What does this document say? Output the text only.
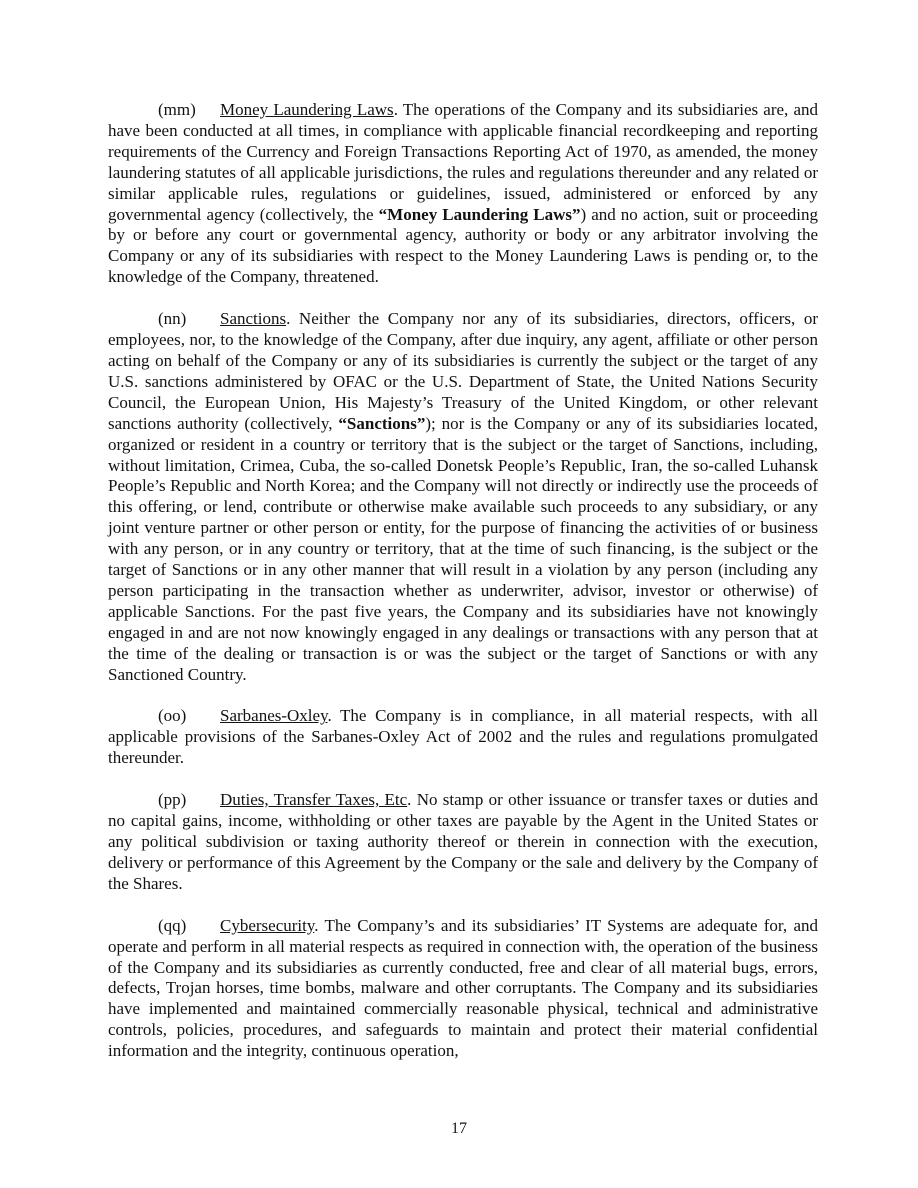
(mm) Money Laundering Laws. The operations of the Company and its subsidiaries are, and have been conducted at all times, in compliance with applicable financial recordkeeping and reporting requirements of the Currency and Foreign Transactions Reporting Act of 1970, as amended, the money laundering statutes of all applicable jurisdictions, the rules and regulations thereunder and any related or similar applicable rules, regulations or guidelines, issued, administered or enforced by any governmental agency (collectively, the “Money Laundering Laws”) and no action, suit or proceeding by or before any court or governmental agency, authority or body or any arbitrator involving the Company or any of its subsidiaries with respect to the Money Laundering Laws is pending or, to the knowledge of the Company, threatened.

(nn) Sanctions. Neither the Company nor any of its subsidiaries, directors, officers, or employees, nor, to the knowledge of the Company, after due inquiry, any agent, affiliate or other person acting on behalf of the Company or any of its subsidiaries is currently the subject or the target of any U.S. sanctions administered by OFAC or the U.S. Department of State, the United Nations Security Council, the European Union, His Majesty’s Treasury of the United Kingdom, or other relevant sanctions authority (collectively, “Sanctions”); nor is the Company or any of its subsidiaries located, organized or resident in a country or territory that is the subject or the target of Sanctions, including, without limitation, Crimea, Cuba, the so-called Donetsk People’s Republic, Iran, the so-called Luhansk People’s Republic and North Korea; and the Company will not directly or indirectly use the proceeds of this offering, or lend, contribute or otherwise make available such proceeds to any subsidiary, or any joint venture partner or other person or entity, for the purpose of financing the activities of or business with any person, or in any country or territory, that at the time of such financing, is the subject or the target of Sanctions or in any other manner that will result in a violation by any person (including any person participating in the transaction whether as underwriter, advisor, investor or otherwise) of applicable Sanctions. For the past five years, the Company and its subsidiaries have not knowingly engaged in and are not now knowingly engaged in any dealings or transactions with any person that at the time of the dealing or transaction is or was the subject or the target of Sanctions or with any Sanctioned Country.

(oo) Sarbanes-Oxley. The Company is in compliance, in all material respects, with all applicable provisions of the Sarbanes-Oxley Act of 2002 and the rules and regulations promulgated thereunder.

(pp) Duties, Transfer Taxes, Etc. No stamp or other issuance or transfer taxes or duties and no capital gains, income, withholding or other taxes are payable by the Agent in the United States or any political subdivision or taxing authority thereof or therein in connection with the execution, delivery or performance of this Agreement by the Company or the sale and delivery by the Company of the Shares.

(qq) Cybersecurity. The Company’s and its subsidiaries’ IT Systems are adequate for, and operate and perform in all material respects as required in connection with, the operation of the business of the Company and its subsidiaries as currently conducted, free and clear of all material bugs, errors, defects, Trojan horses, time bombs, malware and other corruptants. The Company and its subsidiaries have implemented and maintained commercially reasonable physical, technical and administrative controls, policies, procedures, and safeguards to maintain and protect their material confidential information and the integrity, continuous operation,

17
